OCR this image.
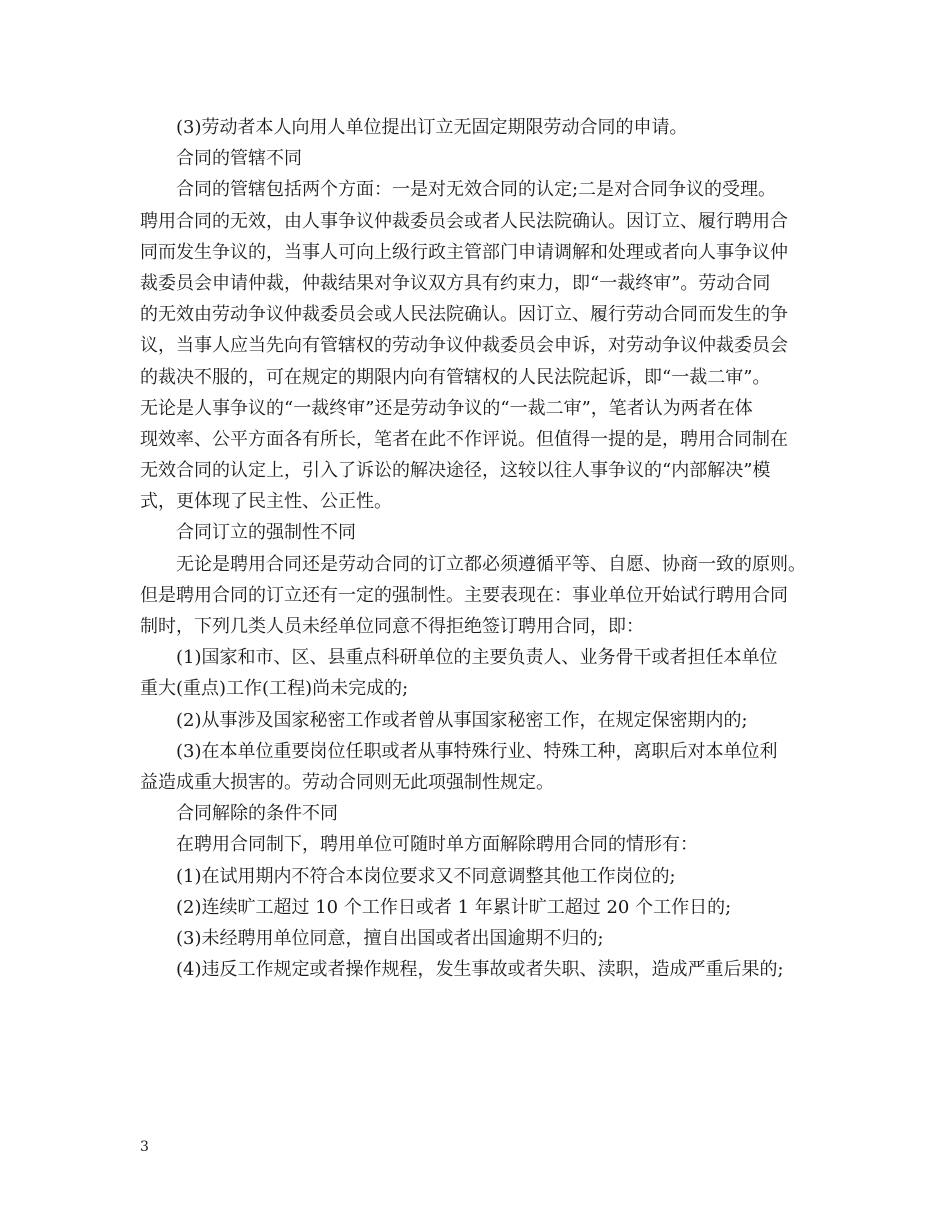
(3)劳动者本人向用人单位提出订立无固定期限劳动合同的申请。
合同的管辖不同
合同的管辖包括两个方面：一是对无效合同的认定;二是对合同争议的受理。
聘用合同的无效，由人事争议仲裁委员会或者人民法院确认。因订立、履行聘用合
同而发生争议的，当事人可向上级行政主管部门申请调解和处理或者向人事争议仲
裁委员会申请仲裁，仲裁结果对争议双方具有约束力，即“一裁终审”。劳动合同
的无效由劳动争议仲裁委员会或人民法院确认。因订立、履行劳动合同而发生的争
议，当事人应当先向有管辖权的劳动争议仲裁委员会申诉，对劳动争议仲裁委员会
的裁决不服的，可在规定的期限内向有管辖权的人民法院起诉，即“一裁二审”。
无论是人事争议的“一裁终审”还是劳动争议的“一裁二审”，笔者认为两者在体
现效率、公平方面各有所长，笔者在此不作评说。但值得一提的是，聘用合同制在
无效合同的认定上，引入了诉讼的解决途径，这较以往人事争议的“内部解决”模
式，更体现了民主性、公正性。
合同订立的强制性不同
无论是聘用合同还是劳动合同的订立都必须遵循平等、自愿、协商一致的原则。
但是聘用合同的订立还有一定的强制性。主要表现在：事业单位开始试行聘用合同
制时，下列几类人员未经单位同意不得拒绝签订聘用合同，即：
(1)国家和市、区、县重点科研单位的主要负责人、业务骨干或者担任本单位
重大(重点)工作(工程)尚未完成的;
(2)从事涉及国家秘密工作或者曾从事国家秘密工作，在规定保密期内的;
(3)在本单位重要岗位任职或者从事特殊行业、特殊工种，离职后对本单位利
益造成重大损害的。劳动合同则无此项强制性规定。
合同解除的条件不同
在聘用合同制下，聘用单位可随时单方面解除聘用合同的情形有：
(1)在试用期内不符合本岗位要求又不同意调整其他工作岗位的;
(2)连续旷工超过 10 个工作日或者 1 年累计旷工超过 20 个工作日的;
(3)未经聘用单位同意，擅自出国或者出国逾期不归的;
(4)违反工作规定或者操作规程，发生事故或者失职、渎职，造成严重后果的;
3
